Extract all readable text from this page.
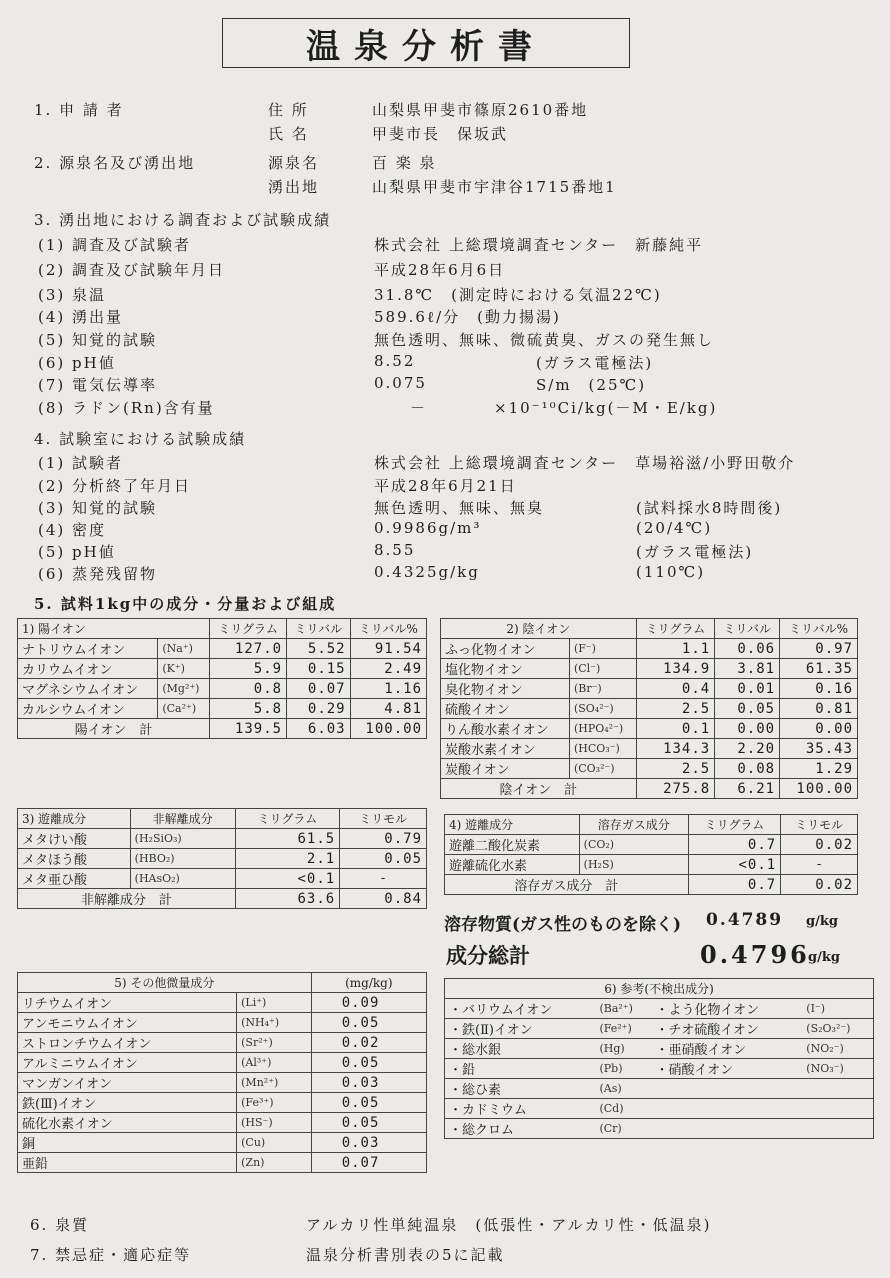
温泉分析書
1. 申 請 者	住 所	山梨県甲斐市篠原2610番地
氏 名	甲斐市長　保坂武
2. 源泉名及び湧出地	源泉名	百 楽 泉
湧出地	山梨県甲斐市宇津谷1715番地1
3. 湧出地における調査および試験成績
(1) 調査及び試験者	株式会社 上総環境調査センター　新藤純平
(2) 調査及び試験年月日	平成28年6月6日
(3) 泉温	31.8℃　(測定時における気温22℃)
(4) 湧出量	589.6ℓ/分　(動力揚湯)
(5) 知覚的試験	無色透明、無味、微硫黄臭、ガスの発生無し
(6) pH値	8.52	(ガラス電極法)
(7) 電気伝導率	0.075	S/m　(25℃)
(8) ラドン(Rn)含有量	－	×10⁻¹⁰Ci/kg(－M・E/kg)
4. 試験室における試験成績
(1) 試験者	株式会社 上総環境調査センター　草場裕滋/小野田敬介
(2) 分析終了年月日	平成28年6月21日
(3) 知覚的試験	無色透明、無味、無臭	(試料採水8時間後)
(4) 密度	0.9986g/m³	(20/4℃)
(5) pH値	8.55	(ガラス電極法)
(6) 蒸発残留物	0.4325g/kg	(110℃)
5. 試料1kg中の成分・分量および組成
1) 陽イオン		ミリグラム	ミリバル	ミリバル%
ナトリウムイオン	(Na⁺)	127.0	5.52	91.54
カリウムイオン	(K⁺)	5.9	0.15	2.49
マグネシウムイオン	(Mg²⁺)	0.8	0.07	1.16
カルシウムイオン	(Ca²⁺)	5.8	0.29	4.81
陽イオン　計		139.5	6.03	100.00
2) 陰イオン		ミリグラム	ミリバル	ミリバル%
ふっ化物イオン	(F⁻)	1.1	0.06	0.97
塩化物イオン	(Cl⁻)	134.9	3.81	61.35
臭化物イオン	(Br⁻)	0.4	0.01	0.16
硫酸イオン	(SO₄²⁻)	2.5	0.05	0.81
りん酸水素イオン	(HPO₄²⁻)	0.1	0.00	0.00
炭酸水素イオン	(HCO₃⁻)	134.3	2.20	35.43
炭酸イオン	(CO₃²⁻)	2.5	0.08	1.29
陰イオン　計		275.8	6.21	100.00
3) 遊離成分	非解離成分	ミリグラム	ミリモル
メタけい酸	(H₂SiO₃)	61.5	0.79
メタほう酸	(HBO₂)	2.1	0.05
メタ亜ひ酸	(HAsO₂)	<0.1	-
非解離成分　計		63.6	0.84
4) 遊離成分	溶存ガス成分	ミリグラム	ミリモル
遊離二酸化炭素	(CO₂)	0.7	0.02
遊離硫化水素	(H₂S)	<0.1	-
溶存ガス成分　計		0.7	0.02
溶存物質(ガス性のものを除く) 0.4789 g/kg
成分総計	0.4796
g/kg
5) その他微量成分		(mg/kg)
リチウムイオン	(Li⁺)	0.09
アンモニウムイオン	(NH₄⁺)	0.05
ストロンチウムイオン	(Sr²⁺)	0.02
アルミニウムイオン	(Al³⁺)	0.05
マンガンイオン	(Mn²⁺)	0.03
鉄(Ⅲ)イオン	(Fe³⁺)	0.05
硫化水素イオン	(HS⁻)	0.05
銅	(Cu)	0.03
亜鉛	(Zn)	0.07
6) 参考(不検出成分)			
・バリウムイオン	(Ba²⁺)	・よう化物イオン	(I⁻)
・鉄(Ⅱ)イオン	(Fe²⁺)	・チオ硫酸イオン	(S₂O₃²⁻)
・総水銀	(Hg)	・亜硝酸イオン	(NO₂⁻)
・鉛	(Pb)	・硝酸イオン	(NO₃⁻)
・総ひ素	(As)		
・カドミウム	(Cd)		
・総クロム	(Cr)		
6. 泉質	アルカリ性単純温泉　(低張性・アルカリ性・低温泉)
7. 禁忌症・適応症等	温泉分析書別表の5に記載
